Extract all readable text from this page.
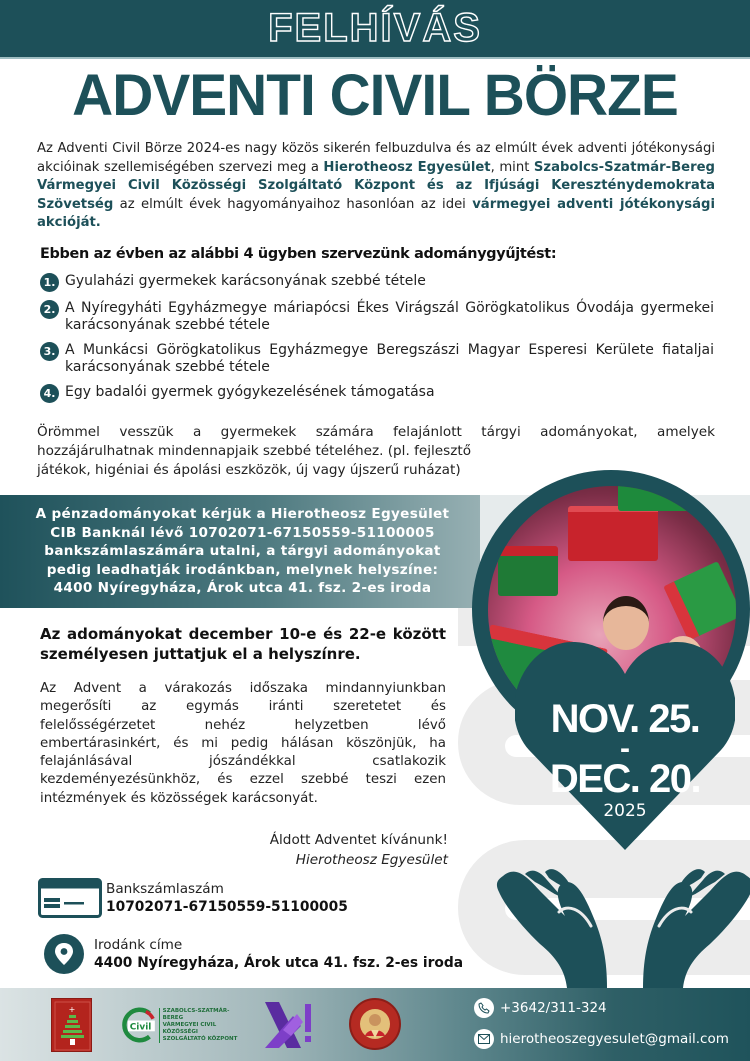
FELHÍVÁS
ADVENTI CIVIL BÖRZE

Az Adventi Civil Börze 2024-es nagy közös sikerén felbuzdulva és az elmúlt évek adventi jótékonysági akcióinak szellemiségében szervezi meg a Hierotheosz Egyesület, mint Szabolcs-Szatmár-Bereg Vármegyei Civil Közösségi Szolgáltató Központ és az Ifjúsági Kereszténydemokrata Szövetség az elmúlt évek hagyományaihoz hasonlóan az idei vármegyei adventi jótékonysági akcióját.

Ebben az évben az alábbi 4 ügyben szervezünk adománygyűjtést:
1. Gyulaházi gyermekek karácsonyának szebbé tétele
2. A Nyíregyháti Egyházmegye máriapócsi Ékes Virágszál Görögkatolikus Óvodája gyermekei karácsonyának szebbé tétele
3. A Munkácsi Görögkatolikus Egyházmegye Beregszászi Magyar Esperesi Kerülete fiataljai karácsonyának szebbé tétele
4. Egy badalói gyermek gyógykezelésének támogatása
Örömmel vesszük a gyermekek számára felajánlott tárgyi adományokat, amelyek
hozzájárulhatnak mindennapjaik szebbé tételéhez. (pl. fejlesztő
játékok, higéniai és ápolási eszközök, új vagy újszerű ruházat)
A pénzadományokat kérjük a Hierotheosz Egyesület
CIB Banknál lévő 10702071-67150559-51100005
bankszámlaszámára utalni, a tárgyi adományokat
pedig leadhatják irodánkban, melynek helyszíne:
4400 Nyíregyháza, Árok utca 41. fsz. 2-es iroda
NOV. 25.
-
DEC. 20.
2025
Az adományokat december 10-e és 22-e között
személyesen juttatjuk el a helyszínre.
Az Advent a várakozás időszaka mindannyiunkban
megerősíti az egymás iránti szeretetet és
felelősségérzetet nehéz helyzetben lévő
embertárasinkért, és mi pedig hálásan köszönjük, ha
felajánlásával jószándékkal csatlakozik
kezdeményezésünkhöz, és ezzel szebbé teszi ezen
intézmények és közösségek karácsonyát.
Áldott Adventet kívánunk!
Hierotheosz Egyesület
Bankszámlaszám
10702071-67150559-51100005
Irodánk címe
4400 Nyíregyháza, Árok utca 41. fsz. 2-es iroda
+
Civil
SZABOLCS-SZATMÁR-BEREG
VÁRMEGYEI CIVIL KÖZÖSSÉGI
SZOLGÁLTATÓ KÖZPONT
+3642/311-324
hierotheoszegyesulet@gmail.com
